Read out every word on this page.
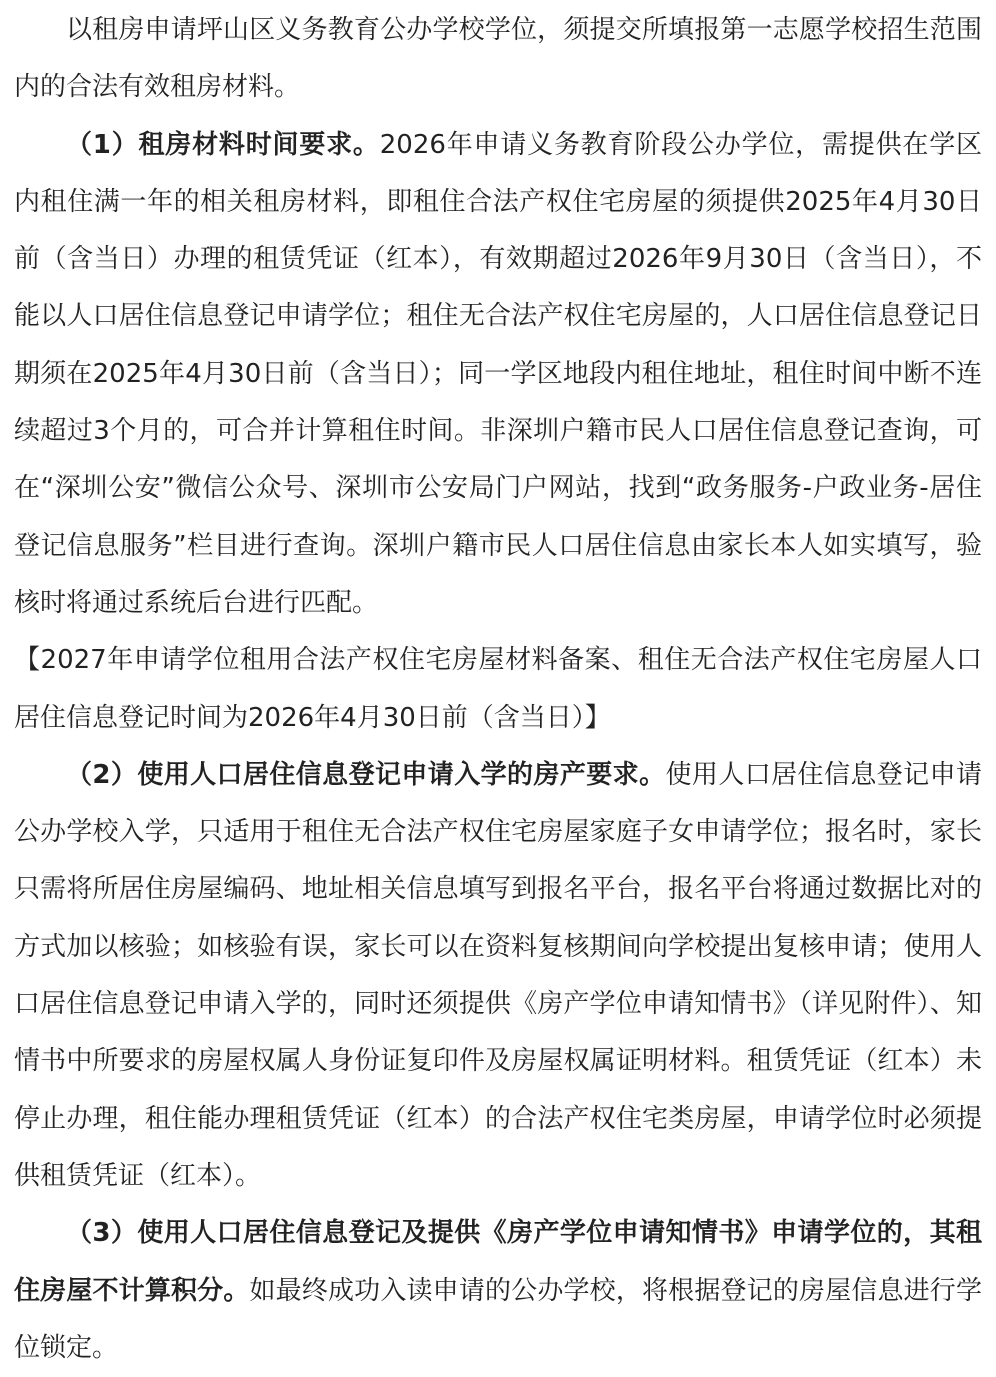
以租房申请坪山区义务教育公办学校学位，须提交所填报第一志愿学校招生范围内的合法有效租房材料。

（1）租房材料时间要求。2026年申请义务教育阶段公办学位，需提供在学区内租住满一年的相关租房材料，即租住合法产权住宅房屋的须提供2025年4月30日前（含当日）办理的租赁凭证（红本），有效期超过2026年9月30日（含当日），不能以人口居住信息登记申请学位；租住无合法产权住宅房屋的，人口居住信息登记日期须在2025年4月30日前（含当日）；同一学区地段内租住地址，租住时间中断不连续超过3个月的，可合并计算租住时间。非深圳户籍市民人口居住信息登记查询，可在“深圳公安”微信公众号、深圳市公安局门户网站，找到“政务服务-户政业务-居住登记信息服务”栏目进行查询。深圳户籍市民人口居住信息由家长本人如实填写，验核时将通过系统后台进行匹配。

【2027年申请学位租用合法产权住宅房屋材料备案、租住无合法产权住宅房屋人口居住信息登记时间为2026年4月30日前（含当日）】

（2）使用人口居住信息登记申请入学的房产要求。使用人口居住信息登记申请公办学校入学，只适用于租住无合法产权住宅房屋家庭子女申请学位；报名时，家长只需将所居住房屋编码、地址相关信息填写到报名平台，报名平台将通过数据比对的方式加以核验；如核验有误，家长可以在资料复核期间向学校提出复核申请；使用人口居住信息登记申请入学的，同时还须提供《房产学位申请知情书》（详见附件）、知情书中所要求的房屋权属人身份证复印件及房屋权属证明材料。租赁凭证（红本）未停止办理，租住能办理租赁凭证（红本）的合法产权住宅类房屋，申请学位时必须提供租赁凭证（红本）。

（3）使用人口居住信息登记及提供《房产学位申请知情书》申请学位的，其租住房屋不计算积分。如最终成功入读申请的公办学校，将根据登记的房屋信息进行学位锁定。
